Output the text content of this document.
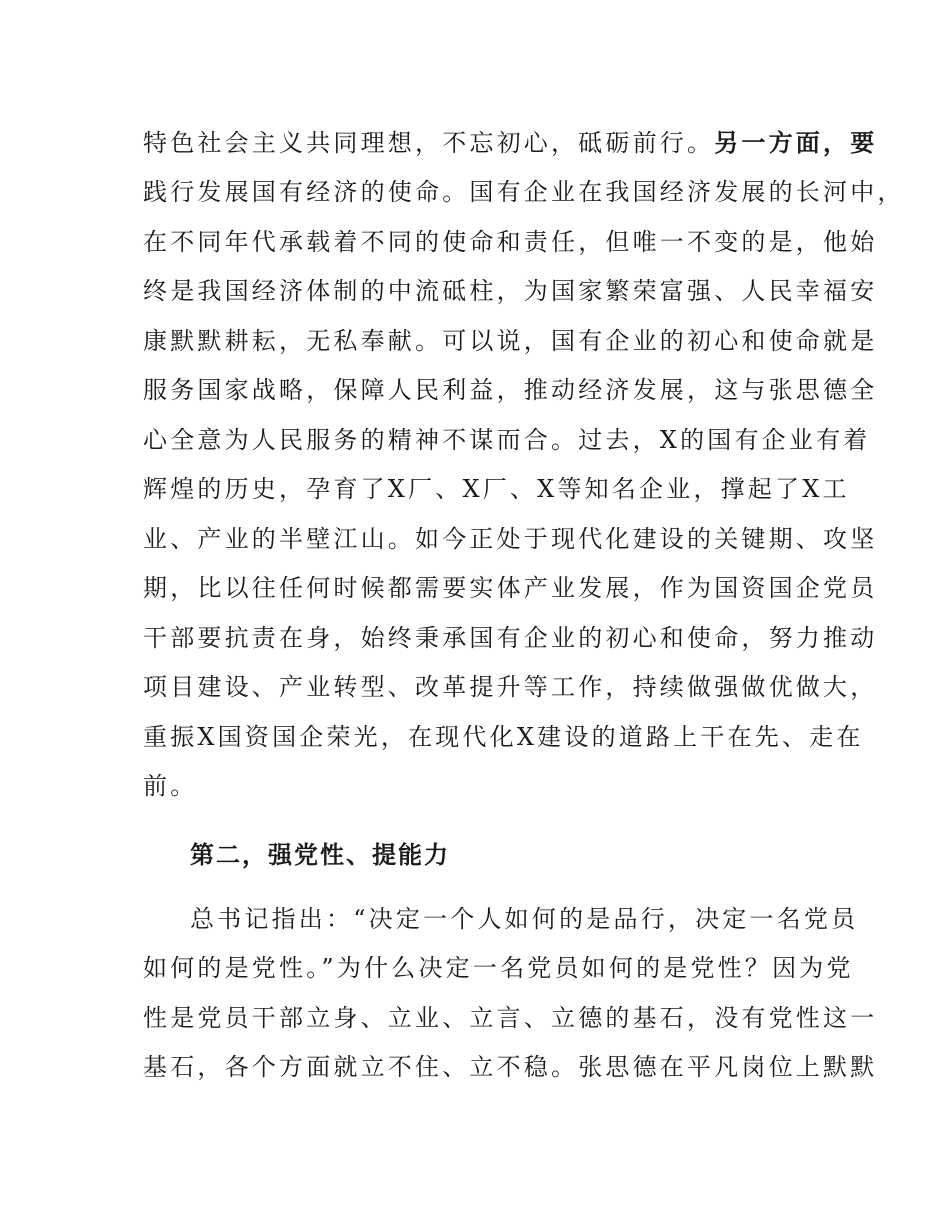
特色社会主义共同理想，不忘初心，砥砺前行。另一方面，要
践行发展国有经济的使命。国有企业在我国经济发展的长河中，
在不同年代承载着不同的使命和责任，但唯一不变的是，他始
终是我国经济体制的中流砥柱，为国家繁荣富强、人民幸福安
康默默耕耘，无私奉献。可以说，国有企业的初心和使命就是
服务国家战略，保障人民利益，推动经济发展，这与张思德全
心全意为人民服务的精神不谋而合。过去，X的国有企业有着
辉煌的历史，孕育了X厂、X厂、X等知名企业，撑起了X工
业、产业的半壁江山。如今正处于现代化建设的关键期、攻坚
期，比以往任何时候都需要实体产业发展，作为国资国企党员
干部要抗责在身，始终秉承国有企业的初心和使命，努力推动
项目建设、产业转型、改革提升等工作，持续做强做优做大，
重振X国资国企荣光，在现代化X建设的道路上干在先、走在
前。
第二，强党性、提能力
总书记指出：“决定一个人如何的是品行，决定一名党员
如何的是党性。”为什么决定一名党员如何的是党性？因为党
性是党员干部立身、立业、立言、立德的基石，没有党性这一
基石，各个方面就立不住、立不稳。张思德在平凡岗位上默默
